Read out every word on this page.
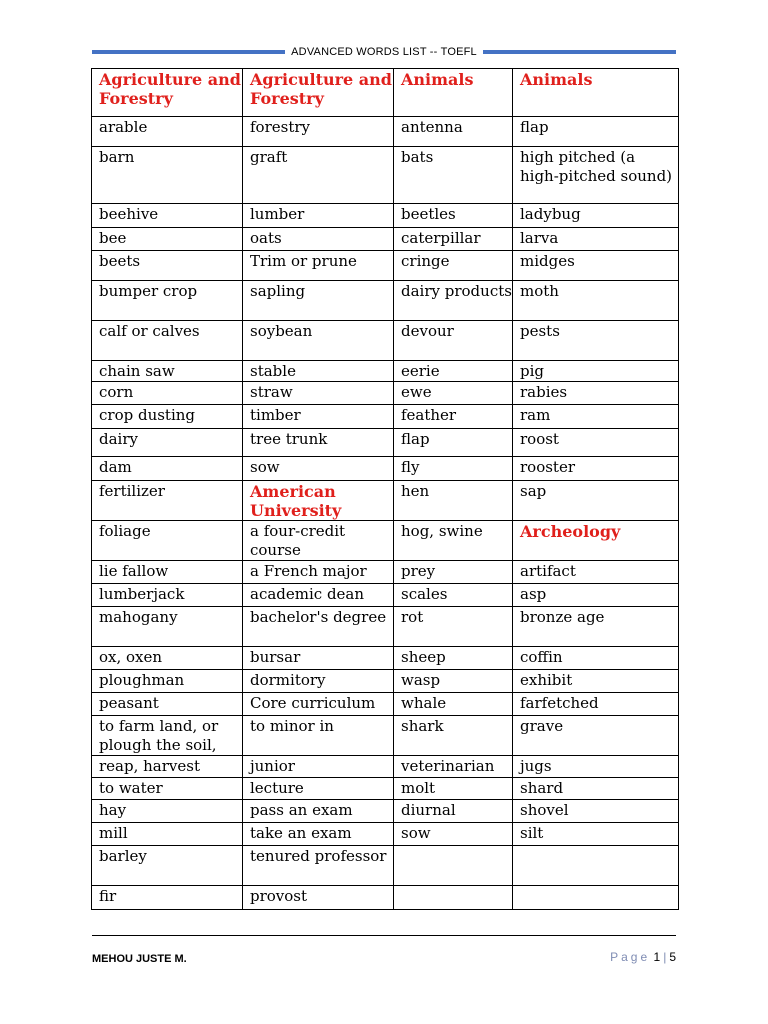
ADVANCED WORDS LIST -- TOEFL
Agriculture and Forestry	Agriculture and Forestry	Animals	Animals
arable	forestry	antenna	flap
barn	graft	bats	high pitched (a high-pitched sound)
beehive	lumber	beetles	ladybug
bee	oats	caterpillar	larva
beets	Trim or prune	cringe	midges
bumper crop	sapling	dairy products	moth
calf or calves	soybean	devour	pests
chain saw	stable	eerie	pig
corn	straw	ewe	rabies
crop dusting	timber	feather	ram
dairy	tree trunk	flap	roost
dam	sow	fly	rooster
fertilizer	American University	hen	sap
foliage	a four-credit course	hog, swine	Archeology
lie fallow	a French major	prey	artifact
lumberjack	academic dean	scales	asp
mahogany	bachelor's degree	rot	bronze age
ox, oxen	bursar	sheep	coffin
ploughman	dormitory	wasp	exhibit
peasant	Core curriculum	whale	farfetched
to farm land, or plough the soil,	to minor in	shark	grave
reap, harvest	junior	veterinarian	jugs
to water	lecture	molt	shard
hay	pass an exam	diurnal	shovel
mill	take an exam	sow	silt
barley	tenured professor		
fir	provost		
MEHOU JUSTE M.	Page 1 | 5
